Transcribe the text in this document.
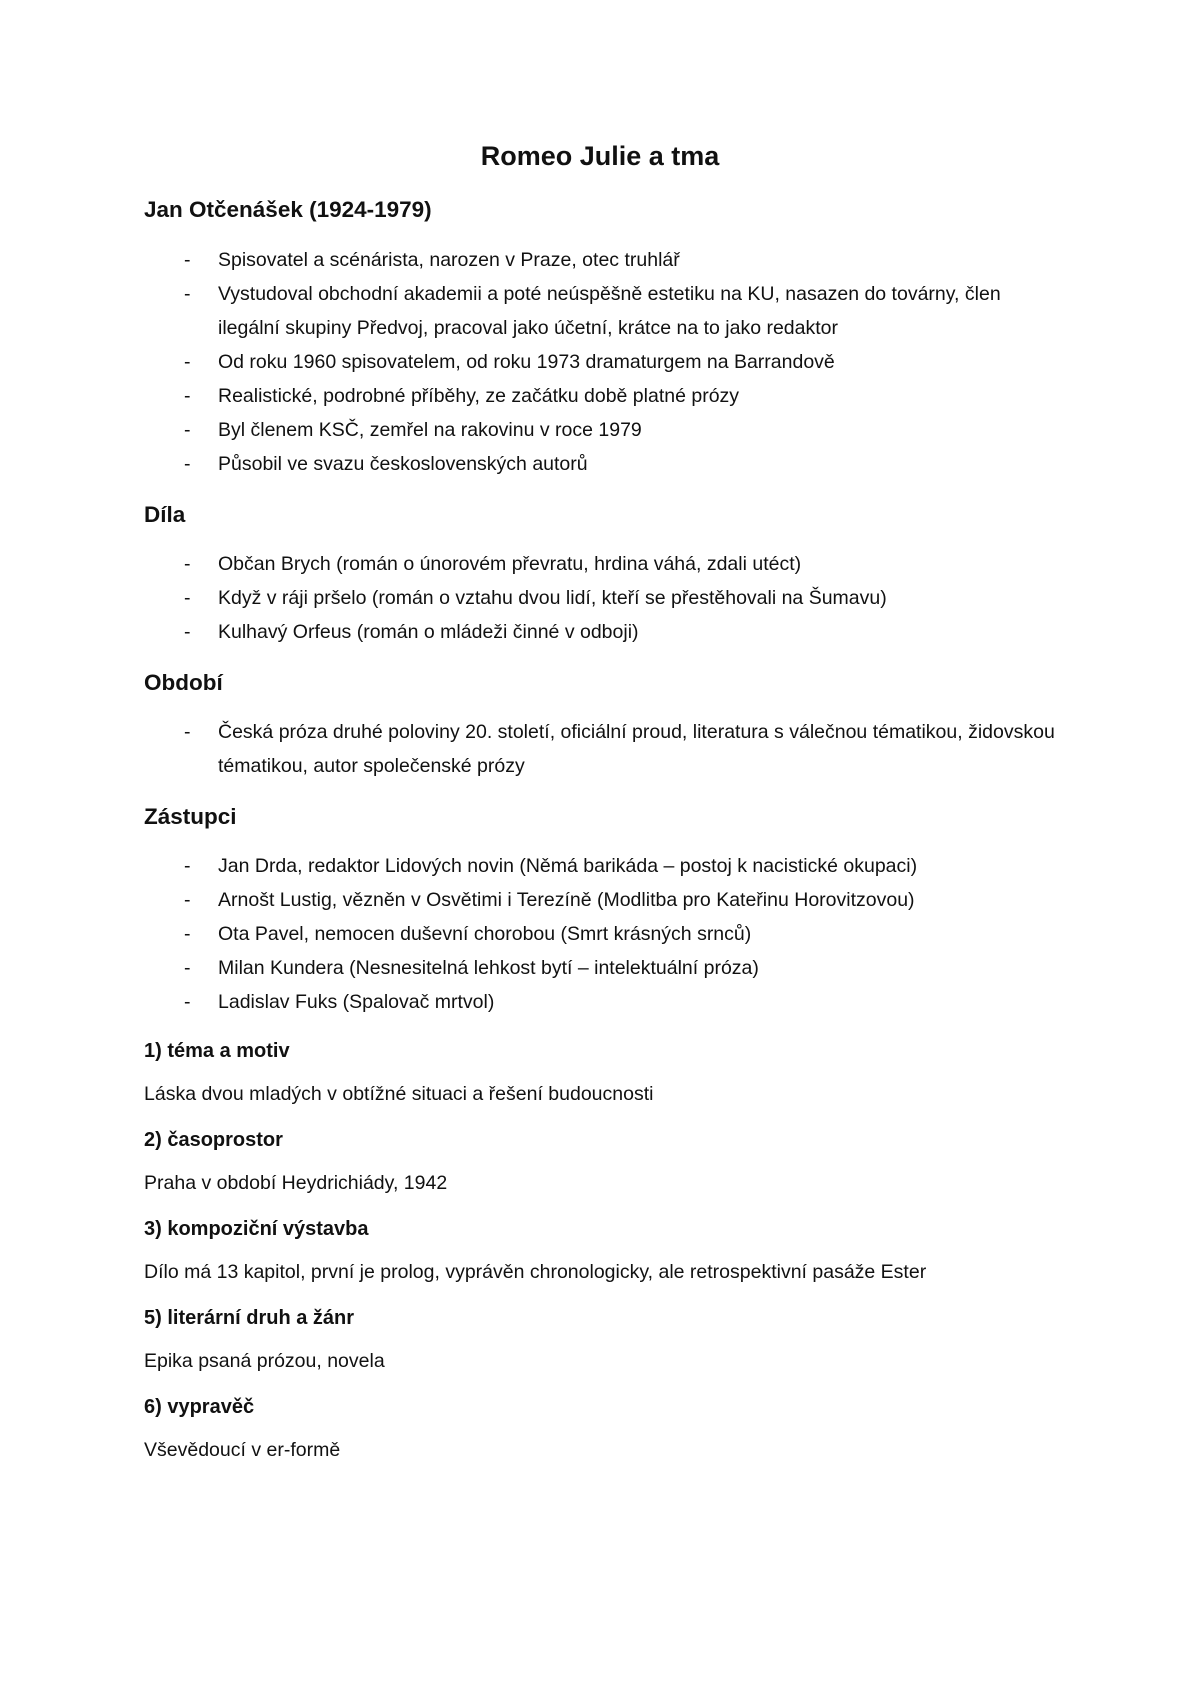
Romeo Julie a tma
Jan Otčenášek (1924-1979)
- Spisovatel a scénárista, narozen v Praze, otec truhlář
- Vystudoval obchodní akademii a poté neúspěšně estetiku na KU, nasazen do továrny, člen ilegální skupiny Předvoj, pracoval jako účetní, krátce na to jako redaktor
- Od roku 1960 spisovatelem, od roku 1973 dramaturgem na Barrandově
- Realistické, podrobné příběhy, ze začátku době platné prózy
- Byl členem KSČ, zemřel na rakovinu v roce 1979
- Působil ve svazu československých autorů
Díla
- Občan Brych (román o únorovém převratu, hrdina váhá, zdali utéct)
- Když v ráji pršelo (román o vztahu dvou lidí, kteří se přestěhovali na Šumavu)
- Kulhavý Orfeus (román o mládeži činné v odboji)
Období
- Česká próza druhé poloviny 20. století, oficiální proud, literatura s válečnou tématikou, židovskou tématikou, autor společenské prózy
Zástupci
- Jan Drda, redaktor Lidových novin (Němá barikáda – postoj k nacistické okupaci)
- Arnošt Lustig, vězněn v Osvětimi i Terezíně (Modlitba pro Kateřinu Horovitzovou)
- Ota Pavel, nemocen duševní chorobou (Smrt krásných srnců)
- Milan Kundera (Nesnesitelná lehkost bytí – intelektuální próza)
- Ladislav Fuks (Spalovač mrtvol)
1) téma a motiv

Láska dvou mladých v obtížné situaci a řešení budoucnosti

2) časoprostor

Praha v období Heydrichiády, 1942

3) kompoziční výstavba

Dílo má 13 kapitol, první je prolog, vyprávěn chronologicky, ale retrospektivní pasáže Ester

5) literární druh a žánr

Epika psaná prózou, novela

6) vypravěč

Vševědoucí v er-formě
